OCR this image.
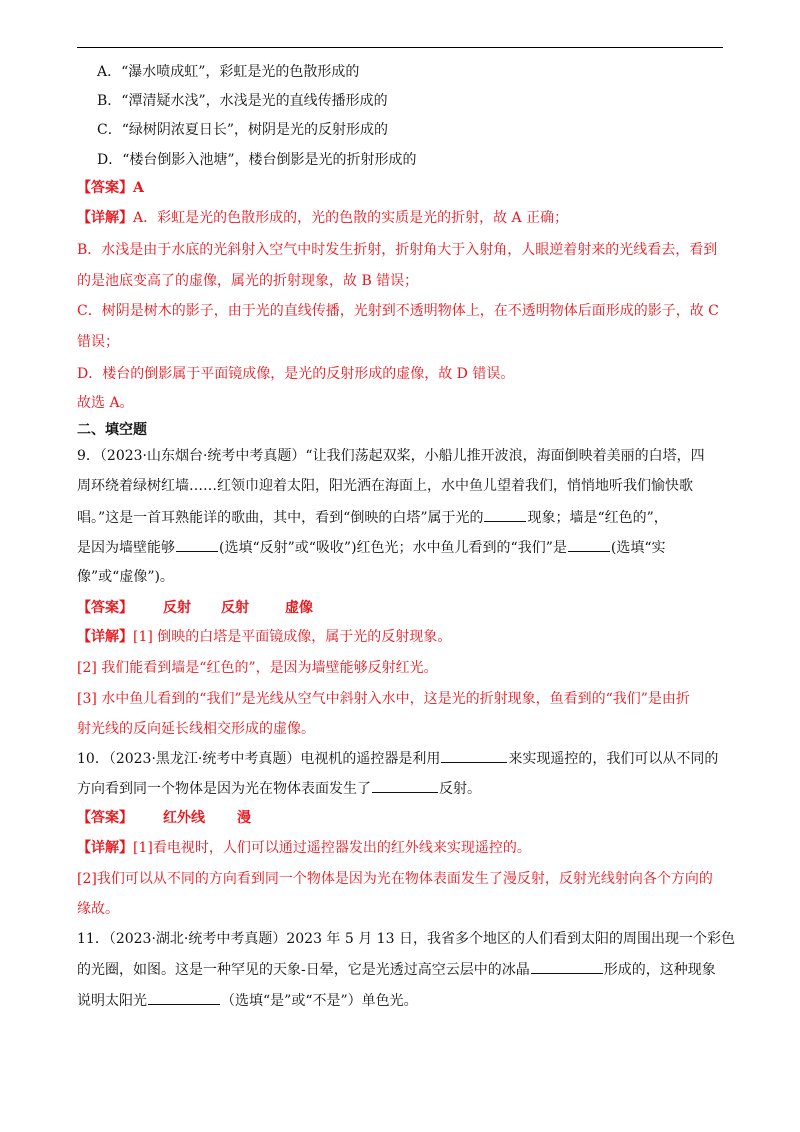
A．“瀑水喷成虹”，彩虹是光的色散形成的
B．“潭清疑水浅”，水浅是光的直线传播形成的
C．“绿树阴浓夏日长”，树阴是光的反射形成的
D．“楼台倒影入池塘”，楼台倒影是光的折射形成的
【答案】A
【详解】A．彩虹是光的色散形成的，光的色散的实质是光的折射，故 A 正确；
B．水浅是由于水底的光斜射入空气中时发生折射，折射角大于入射角，人眼逆着射来的光线看去，看到
的是池底变高了的虚像，属光的折射现象，故 B 错误；
C．树阴是树木的影子，由于光的直线传播，光射到不透明物体上，在不透明物体后面形成的影子，故 C
错误；
D．楼台的倒影属于平面镜成像，是光的反射形成的虚像，故 D 错误。
故选 A。
二、填空题
9．（2023·山东烟台·统考中考真题）“让我们荡起双桨，小船儿推开波浪，海面倒映着美丽的白塔，四
周环绕着绿树红墙……红领巾迎着太阳，阳光洒在海面上，水中鱼儿望着我们，悄悄地听我们愉快歌
唱。”这是一首耳熟能详的歌曲，其中，看到“倒映的白塔”属于光的	现象；墙是“红色的”，
是因为墙壁能够	(选填“反射”或“吸收”)红色光；水中鱼儿看到的“我们”是	(选填“实
像”或“虚像”)。
【答案】 反射 反射	虚像
【详解】[1] 倒映的白塔是平面镜成像，属于光的反射现象。
[2] 我们能看到墙是“红色的”，是因为墙壁能够反射红光。
[3] 水中鱼儿看到的“我们”是光线从空气中斜射入水中，这是光的折射现象，鱼看到的“我们”是由折
射光线的反向延长线相交形成的虚像。
10．（2023·黑龙江·统考中考真题）电视机的遥控器是利用	来实现遥控的，我们可以从不同的
方向看到同一个物体是因为光在物体表面发生了	反射。
【答案】 红外线 漫
【详解】[1]看电视时，人们可以通过遥控器发出的红外线来实现遥控的。
[2]我们可以从不同的方向看到同一个物体是因为光在物体表面发生了漫反射，反射光线射向各个方向的
缘故。
11．（2023·湖北·统考中考真题）2023 年 5 月 13 日，我省多个地区的人们看到太阳的周围出现一个彩色
的光圈，如图。这是一种罕见的天象-日晕，它是光透过高空云层中的冰晶	形成的，这种现象
说明太阳光	（选填“是”或“不是”）单色光。
